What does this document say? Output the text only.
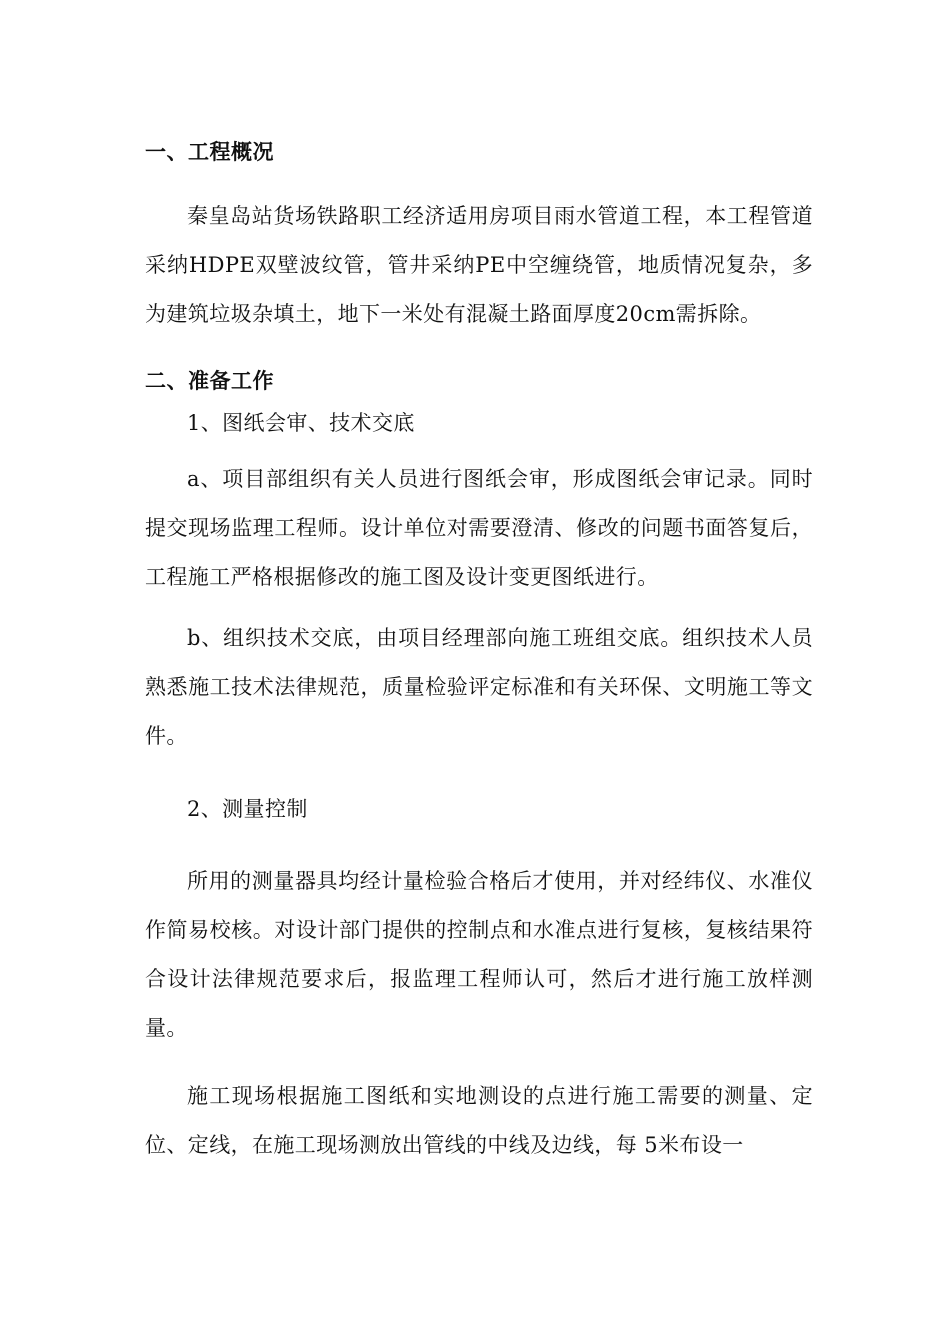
一、工程概况

秦皇岛站货场铁路职工经济适用房项目雨水管道工程，本工程管道采纳HDPE双壁波纹管，管井采纳PE中空缠绕管，地质情况复杂，多为建筑垃圾杂填土，地下一米处有混凝土路面厚度20cm需拆除。

二、准备工作

1、图纸会审、技术交底

a、项目部组织有关人员进行图纸会审，形成图纸会审记录。同时提交现场监理工程师。设计单位对需要澄清、修改的问题书面答复后，工程施工严格根据修改的施工图及设计变更图纸进行。

b、组织技术交底，由项目经理部向施工班组交底。组织技术人员熟悉施工技术法律规范，质量检验评定标准和有关环保、文明施工等文件。

2、测量控制

所用的测量器具均经计量检验合格后才使用，并对经纬仪、水准仪作简易校核。对设计部门提供的控制点和水准点进行复核，复核结果符合设计法律规范要求后，报监理工程师认可，然后才进行施工放样测量。

施工现场根据施工图纸和实地测设的点进行施工需要的测量、定位、定线，在施工现场测放出管线的中线及边线，每 5米布设一
